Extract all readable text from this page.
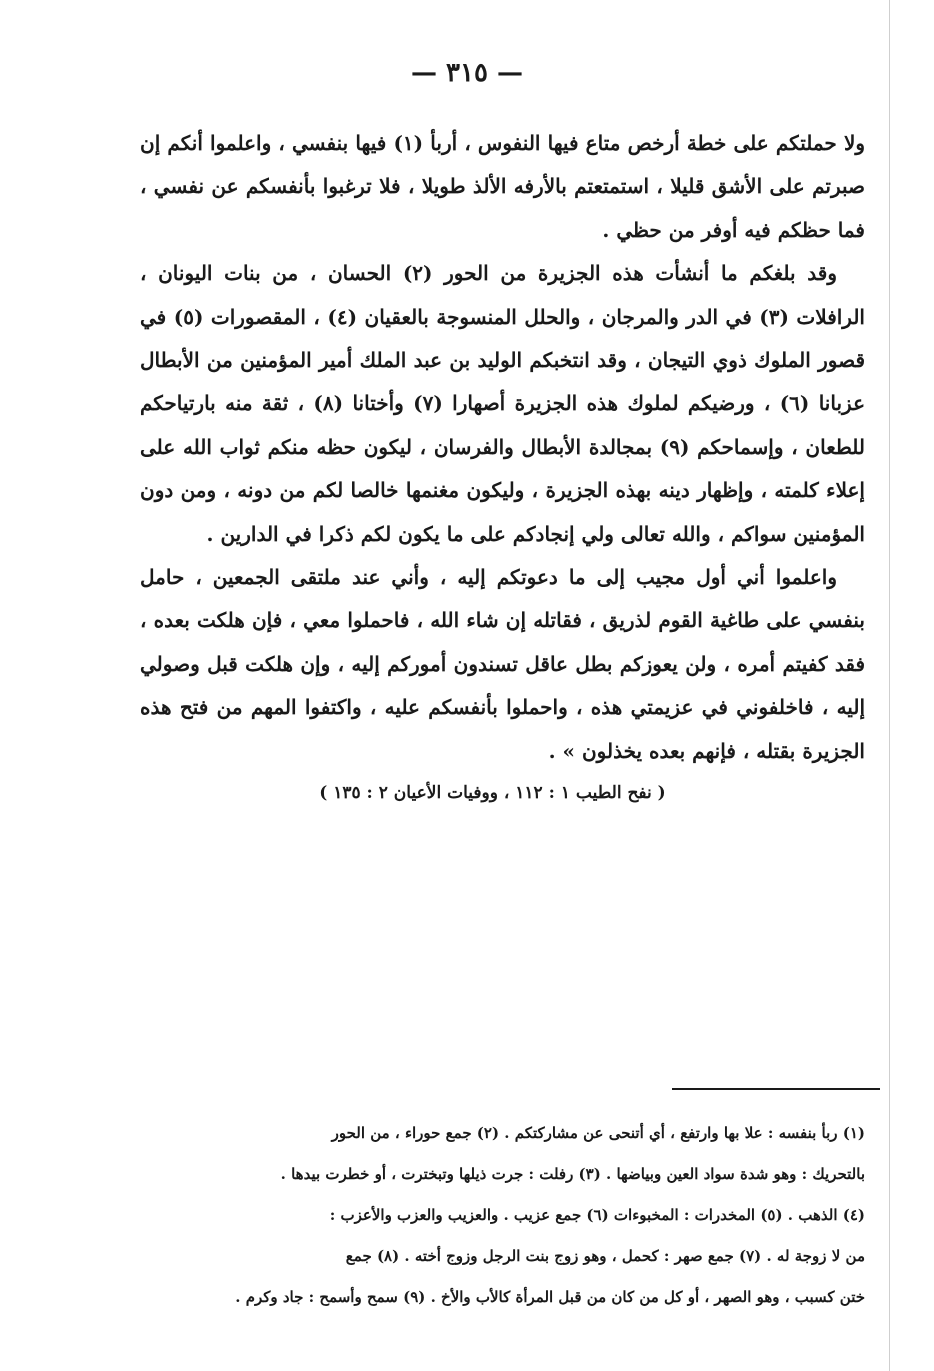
— ٣١٥ —

ولا حملتكم على خطة أرخص متاع فيها النفوس ، أربأ (١) فيها بنفسي ، واعلموا أنكم إن صبرتم على الأشق قليلا ، استمتعتم بالأرفه الألذ طويلا ، فلا ترغبوا بأنفسكم عن نفسي ، فما حظكم فيه أوفر من حظي .

وقد بلغكم ما أنشأت هذه الجزيرة من الحور (٢) الحسان ، من بنات اليونان ، الرافلات (٣) في الدر والمرجان ، والحلل المنسوجة بالعقيان (٤) ، المقصورات (٥) في قصور الملوك ذوي التيجان ، وقد انتخبكم الوليد بن عبد الملك أمير المؤمنين من الأبطال عزبانا (٦) ، ورضيكم لملوك هذه الجزيرة أصهارا (٧) وأختانا (٨) ، ثقة منه بارتياحكم للطعان ، وإسماحكم (٩) بمجالدة الأبطال والفرسان ، ليكون حظه منكم ثواب الله على إعلاء كلمته ، وإظهار دينه بهذه الجزيرة ، وليكون مغنمها خالصا لكم من دونه ، ومن دون المؤمنين سواكم ، والله تعالى ولي إنجادكم على ما يكون لكم ذكرا في الدارين .

واعلموا أني أول مجيب إلى ما دعوتكم إليه ، وأني عند ملتقى الجمعين ، حامل بنفسي على طاغية القوم لذريق ، فقاتله إن شاء الله ، فاحملوا معي ، فإن هلكت بعده ، فقد كفيتم أمره ، ولن يعوزكم بطل عاقل تسندون أموركم إليه ، وإن هلكت قبل وصولي إليه ، فاخلفوني في عزيمتي هذه ، واحملوا بأنفسكم عليه ، واكتفوا المهم من فتح هذه الجزيرة بقتله ، فإنهم بعده يخذلون » .

( نفح الطيب ١ : ١١٢ ، ووفيات الأعيان ٢ : ١٣٥ )

(١) ربأ بنفسه : علا بها وارتفع ، أي أتنحى عن مشاركتكم . (٢) جمع حوراء ، من الحور

بالتحريك : وهو شدة سواد العين وبياضها . (٣) رفلت : جرت ذيلها وتبخترت ، أو خطرت بيدها .

(٤) الذهب . (٥) المخدرات : المخبوءات (٦) جمع عزيب . والعزيب والعزب والأعزب :

من لا زوجة له . (٧) جمع صهر : كحمل ، وهو زوج بنت الرجل وزوج أخته . (٨) جمع

ختن كسبب ، وهو الصهر ، أو كل من كان من قبل المرأة كالأب والأخ . (٩) سمح وأسمح : جاد وكرم .
